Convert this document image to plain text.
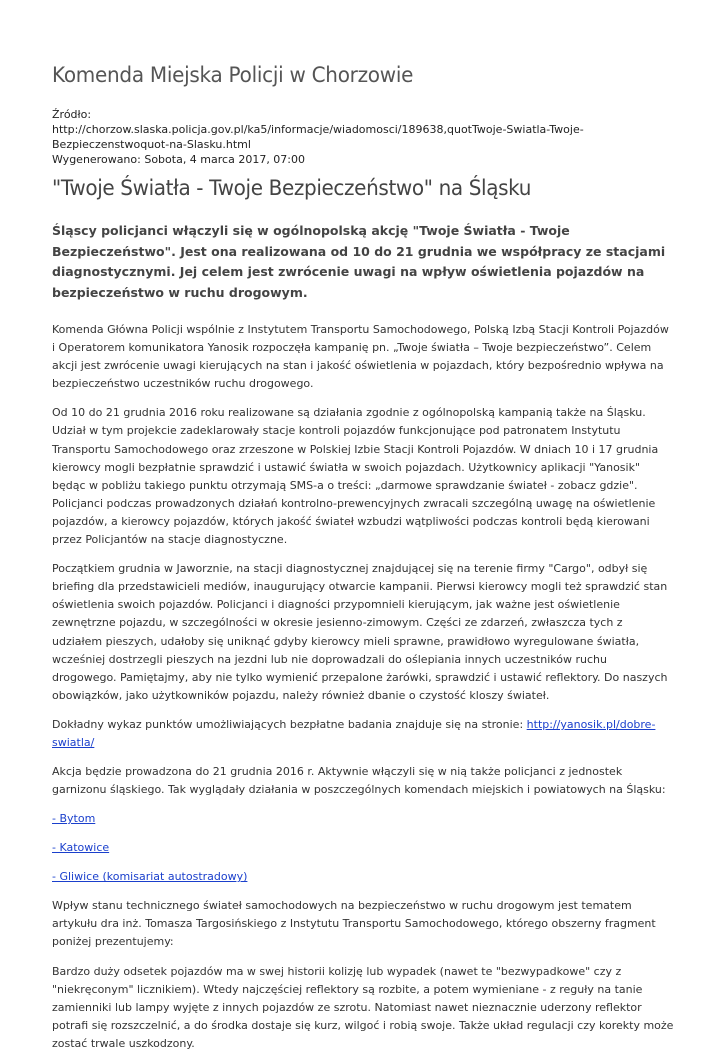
Komenda Miejska Policji w Chorzowie

Źródło:

http://chorzow.slaska.policja.gov.pl/ka5/informacje/wiadomosci/189638,quotTwoje-Swiatla-Twoje-Bezpieczenstwoquot-na-Slasku.html

Wygenerowano: Sobota, 4 marca 2017, 07:00

"Twoje Światła - Twoje Bezpieczeństwo" na Śląsku

Śląscy policjanci włączyli się w ogólnopolską akcję "Twoje Światła - Twoje Bezpieczeństwo". Jest ona realizowana od 10 do 21 grudnia we współpracy ze stacjami diagnostycznymi. Jej celem jest zwrócenie uwagi na wpływ oświetlenia pojazdów na bezpieczeństwo w ruchu drogowym.

Komenda Główna Policji wspólnie z Instytutem Transportu Samochodowego, Polską Izbą Stacji Kontroli Pojazdów i Operatorem komunikatora Yanosik rozpoczęła kampanię pn. „Twoje światła – Twoje bezpieczeństwo”. Celem akcji jest zwrócenie uwagi kierujących na stan i jakość oświetlenia w pojazdach, który bezpośrednio wpływa na bezpieczeństwo uczestników ruchu drogowego.

Od 10 do 21 grudnia 2016 roku realizowane są działania zgodnie z ogólnopolską kampanią także na Śląsku. Udział w tym projekcie zadeklarowały stacje kontroli pojazdów funkcjonujące pod patronatem Instytutu Transportu Samochodowego oraz zrzeszone w Polskiej Izbie Stacji Kontroli Pojazdów. W dniach 10 i 17 grudnia kierowcy mogli bezpłatnie sprawdzić i ustawić światła w swoich pojazdach. Użytkownicy aplikacji "Yanosik" będąc w pobliżu takiego punktu otrzymają SMS-a o treści: „darmowe sprawdzanie świateł - zobacz gdzie". Policjanci podczas prowadzonych działań kontrolno-prewencyjnych zwracali szczególną uwagę na oświetlenie pojazdów, a kierowcy pojazdów, których jakość świateł wzbudzi wątpliwości podczas kontroli będą kierowani przez Policjantów na stacje diagnostyczne.

Początkiem grudnia w Jaworznie, na stacji diagnostycznej znajdującej się na terenie firmy "Cargo", odbył się briefing dla przedstawicieli mediów, inaugurujący otwarcie kampanii. Pierwsi kierowcy mogli też sprawdzić stan oświetlenia swoich pojazdów. Policjanci i diagności przypomnieli kierującym, jak ważne jest oświetlenie zewnętrzne pojazdu, w szczególności w okresie jesienno-zimowym. Części ze zdarzeń, zwłaszcza tych z udziałem pieszych, udałoby się uniknąć gdyby kierowcy mieli sprawne, prawidłowo wyregulowane światła, wcześniej dostrzegli pieszych na jezdni lub nie doprowadzali do oślepiania innych uczestników ruchu drogowego. Pamiętajmy, aby nie tylko wymienić przepalone żarówki, sprawdzić i ustawić reflektory. Do naszych obowiązków, jako użytkowników pojazdu, należy również dbanie o czystość kloszy świateł.

Dokładny wykaz punktów umożliwiających bezpłatne badania znajduje się na stronie: http://yanosik.pl/dobre-swiatla/

Akcja będzie prowadzona do 21 grudnia 2016 r. Aktywnie włączyli się w nią także policjanci z jednostek garnizonu śląskiego. Tak wyglądały działania w poszczególnych komendach miejskich i powiatowych na Śląsku:

- Bytom

- Katowice

- Gliwice (komisariat autostradowy)

Wpływ stanu technicznego świateł samochodowych na bezpieczeństwo w ruchu drogowym jest tematem artykułu dra inż. Tomasza Targosińskiego z Instytutu Transportu Samochodowego, którego obszerny fragment poniżej prezentujemy:

Bardzo duży odsetek pojazdów ma w swej historii kolizję lub wypadek (nawet te "bezwypadkowe" czy z "niekręconym" licznikiem). Wtedy najczęściej reflektory są rozbite, a potem wymieniane - z reguły na tanie zamienniki lub lampy wyjęte z innych pojazdów ze szrotu. Natomiast nawet nieznacznie uderzony reflektor potrafi się rozszczelnić, a do środka dostaje się kurz, wilgoć i robią swoje. Także układ regulacji czy korekty może zostać trwale uszkodzony.
